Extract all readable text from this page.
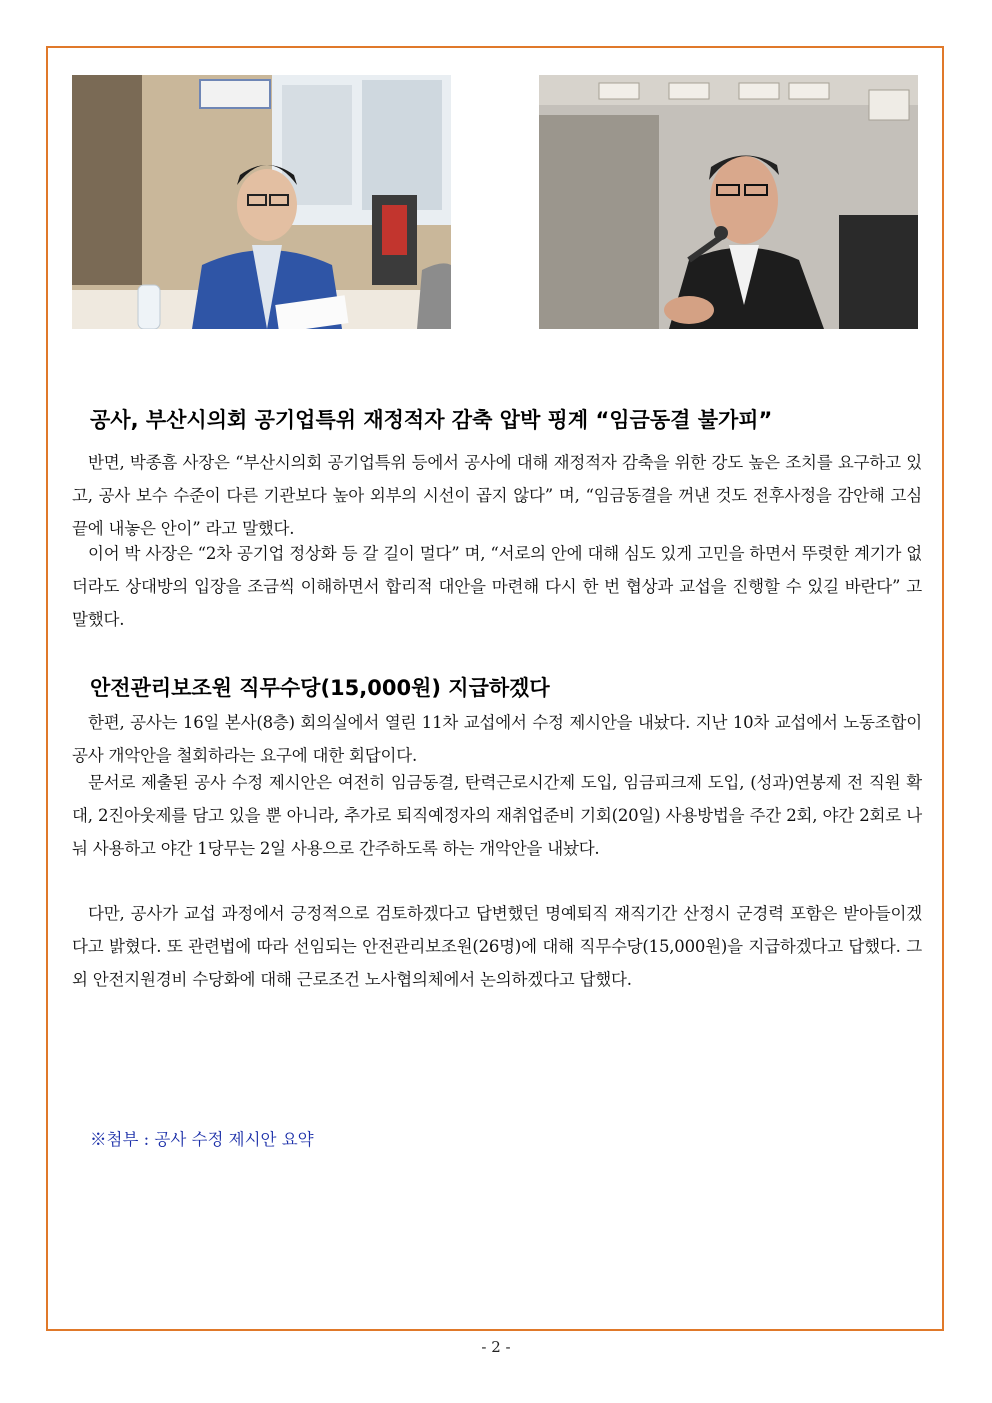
공사, 부산시의회 공기업특위 재정적자 감축 압박 핑계 “임금동결 불가피”

반면, 박종흠 사장은 “부산시의회 공기업특위 등에서 공사에 대해 재정적자 감축을 위한 강도 높은 조치를 요구하고 있고, 공사 보수 수준이 다른 기관보다 높아 외부의 시선이 곱지 않다” 며, “임금동결을 꺼낸 것도 전후사정을 감안해 고심 끝에 내놓은 안이” 라고 말했다.

이어 박 사장은 “2차 공기업 정상화 등 갈 길이 멀다” 며, “서로의 안에 대해 심도 있게 고민을 하면서 뚜렷한 계기가 없더라도 상대방의 입장을 조금씩 이해하면서 합리적 대안을 마련해 다시 한 번 협상과 교섭을 진행할 수 있길 바란다” 고 말했다.

안전관리보조원 직무수당(15,000원) 지급하겠다

한편, 공사는 16일 본사(8층) 회의실에서 열린 11차 교섭에서 수정 제시안을 내놨다. 지난 10차 교섭에서 노동조합이 공사 개악안을 철회하라는 요구에 대한 회답이다.

문서로 제출된 공사 수정 제시안은 여전히 임금동결, 탄력근로시간제 도입, 임금피크제 도입, (성과)연봉제 전 직원 확대, 2진아웃제를 담고 있을 뿐 아니라, 추가로 퇴직예정자의 재취업준비 기회(20일) 사용방법을 주간 2회, 야간 2회로 나눠 사용하고 야간 1당무는 2일 사용으로 간주하도록 하는 개악안을 내놨다.

다만, 공사가 교섭 과정에서 긍정적으로 검토하겠다고 답변했던 명예퇴직 재직기간 산정시 군경력 포함은 받아들이겠다고 밝혔다. 또 관련법에 따라 선임되는 안전관리보조원(26명)에 대해 직무수당(15,000원)을 지급하겠다고 답했다. 그 외 안전지원경비 수당화에 대해 근로조건 노사협의체에서 논의하겠다고 답했다.

※첨부 : 공사 수정 제시안 요약
- 2 -
